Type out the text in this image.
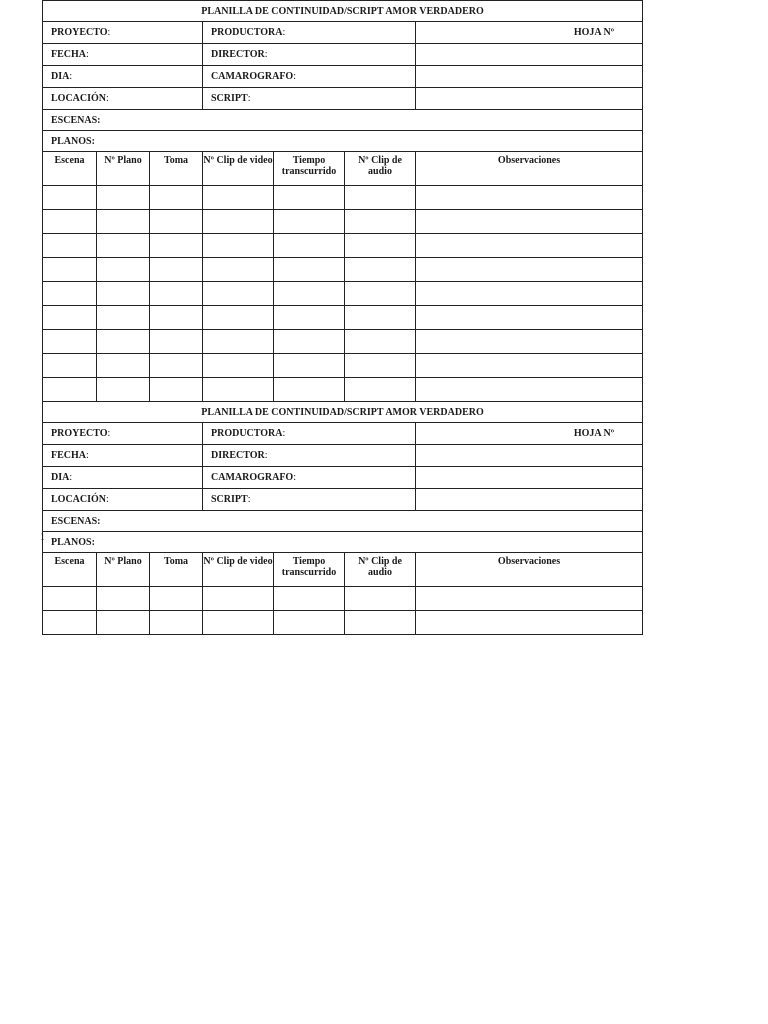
PLANILLA DE CONTINUIDAD/SCRIPT AMOR VERDADERO						
PROYECTO:			PRODUCTORA:			HOJA Nº
FECHA:			DIRECTOR:			
DIA:			CAMAROGRAFO:			
LOCACIÓN:			SCRIPT:			
ESCENAS:						
PLANOS:						
Escena	Nº Plano	Toma	Nº Clip de video	Tiempo transcurrido	Nº Clip de audio	Observaciones

PLANILLA DE CONTINUIDAD/SCRIPT AMOR VERDADERO						
PROYECTO:			PRODUCTORA:			HOJA Nº
FECHA:			DIRECTOR:			
DIA:			CAMAROGRAFO:			
LOCACIÓN:			SCRIPT:			
ESCENAS:						

1 PLANOS:						
Escena	Nº Plano	Toma	Nº Clip de video	Tiempo transcurrido	Nº Clip de audio	Observaciones
